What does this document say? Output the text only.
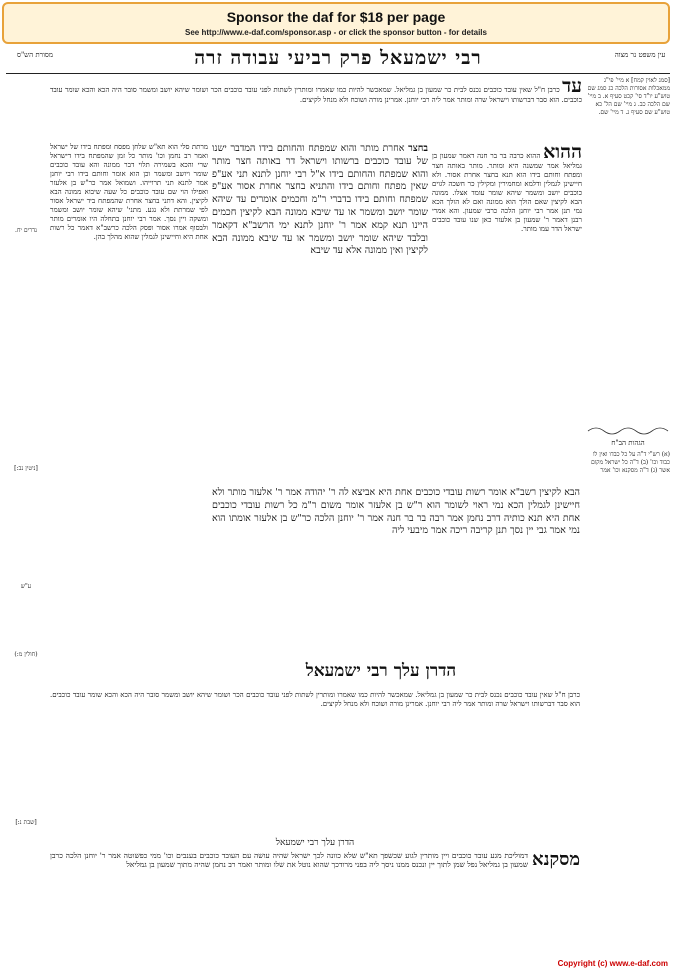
Sponsor the daf for $18 per page
See http://www.e-daf.com/sponsor.asp - or click the sponsor button - for details
עין משפט נר מצוה
רבי ישמעאל פרק רביעי עבודה זרה
מסורת הש"ס
[סמג לאוין קמח] א מיי' פי"ג ממאכלות אסורות הלכה כג סמג שם טוש"ע יו"ד סי' קכט סעיף א. ב מיי' שם הלכה כב. ג מיי' שם הל' כא טוש"ע שם סעיף ג. ד מיי' שם.
הגהות הב"ח
(א) רש"י ד"ה על כל כבדו ואין לו כבוד וכו' (ב) ד"ה כל ישראל מקום אשר (ג) ד"ה מסקנא וכו' אמר
נדרים יח.
[ניטין נב:]
ע"ש
(חולין מ:)
[שבת נ:]
עד כרבן ח"ל שאין עובד כוכבים נכנס לבית כר שמעון בן גמליאל. שמאכשר להיות כמו שאמרו ומותרין לשתות לפני עובד כוכבים הכר ושומר שיהא יושב ומשמר סובר היה הכא והכא שומר עובד כוכבים. הוא סבר דברשותו וישראל שרה ומותר אמר ליה רבי יוחנן. אמרינן מורה ושוכח ולא מנחל לקיצים.
ההוא ההוא כרבה בר בר חנה דאמר שמעון בן גמליאל אמר שמשנה היא ומותר. מותר באותה חצר ומפתח וחותם בידו הוא תנא בחצר אחרת אסור. ולא חיישינן לגמלין ודלמא ומחמירין ומקילין כר חשכה לגוים כוכבים יושב ומשמר שיהא שומר עומד אצלו. ממונה הבא לקיצין שאם הולך הוא ממונה ואם לא הולך הכא נמי תנן אמר רבי יוחנן הלכה כרבי שמעון. והא אמרי רבנן דאמר ר' שמעון בן אלעזר כאן שנו עובד כוכבים ישראל הדר עמו מותר.
מרתת סלי הוא תא"ש שלחן מפסח ומפתח בידו של ישראל ואמר רב נחמן וכו' מותר כל זמן שהמפתח בידו דישראל שרי והכא בשמירה תלוי דבר ממונה והא עובד כוכבים שומר ויושב ומשמר וכן הוא אומר וחותם בידו רבי יוחנן אמר לתנא תני תרוייהו. ושמואל אמר כר"ש בן אלעזר ואפילו הוי שם עובד כוכבים כל שעה שיבוא ממונה הבא לקיצין. והא דתני בחצר אחרת שהמפתח ביד ישראל אסור לפי שמרתת ולא נגע. מתני' שיהא שומר יושב ומשמר ומשקה ויין נסך. אמר רבי יוחנן בתחלה היו אומרים מותר ולבסוף אמרו אסור ופסק הלכה כרשב"א דאמר כל רשות אחת היא וחיישינן לגמלין שהוא מהלך בהן.
בחצר אחרת מותר והוא שמפתח והחותם בידו המדבר ישנו של עובד כוכבים ברשותו וישראל דר באותה חצר מותר והוא שמפתח והחותם בידו א"ל רבי יוחנן לתנא תני אע"פ שאין מפתח וחותם בידו והתניא בחצר אחרת אסור אע"פ שמפתח וחותם בידו בדברי ר"מ וחכמים אומרים עד שיהא שומר יושב ומשמר או עד שיבא ממונה הבא לקיצין חכמים היינו תנא קמא אמר ר' יוחנן לתנא ימי הרשב"א דקאמר ובלבד שיהא שומר יושב ומשמר או עד שיבא ממונה הבא לקיצין ואין ממונה אלא עד שיבא
הבא לקיצין רשב"א אומר רשות עובדי כוכבים אחת היא אביצא לה ר' יהודה אמר ר' אלעזר מותר ולא חיישינן לגמלין הכא נמי ראוי לשומר הוא ר"ש בן אלעזר אומר משום ר"מ כל רשות עובדי כוכבים אחת היא תנא כותיה דרב נחמן אמר רבה בר בר חנה אמר ר' יוחנן הלכה כר"ש בן אלעזר אומתו הוא נמי אמר גבי יין נסך תנן קריבה ריכה אמר מיבעי ליה
הדרן עלך רבי ישמעאל
כרבן ח"ל שאין עובד כוכבים נכנס לבית כר שמעון בן גמליאל. שמאכשר להיות כמו שאמרו ומותרין לשתות לפני עובד כוכבים הכר ושומר שיהא יושב ומשמר סובר היה הכא והכא שומר עובד כוכבים. הוא סבר דברשותו וישראל שרה ומותר אמר ליה רבי יוחנן. אמרינן מורה ושוכח ולא מנחל לקיצים.
הדרן עלך רבי ישמעאל
מסקנא
דמוליכת מגע עובד כוכבים ויין מותרין לגוע שכשפך תא"ש שלא כוונה לכך ישראל שהיה עושה עם העובד כוכבים בענבים וכו' ממי כפשוטה אמר ר' יוחנן הלכה כרבן שמעון בן גמליאל נפל שמן לתוך יין ונכנס ממנו ניסך ליה בפני מרודכך שהוא נוטל את שלו ומותר ואמר רב נחמן שהיה מתוך שמעון בן גמליאל
Copyright (c) www.e-daf.com
